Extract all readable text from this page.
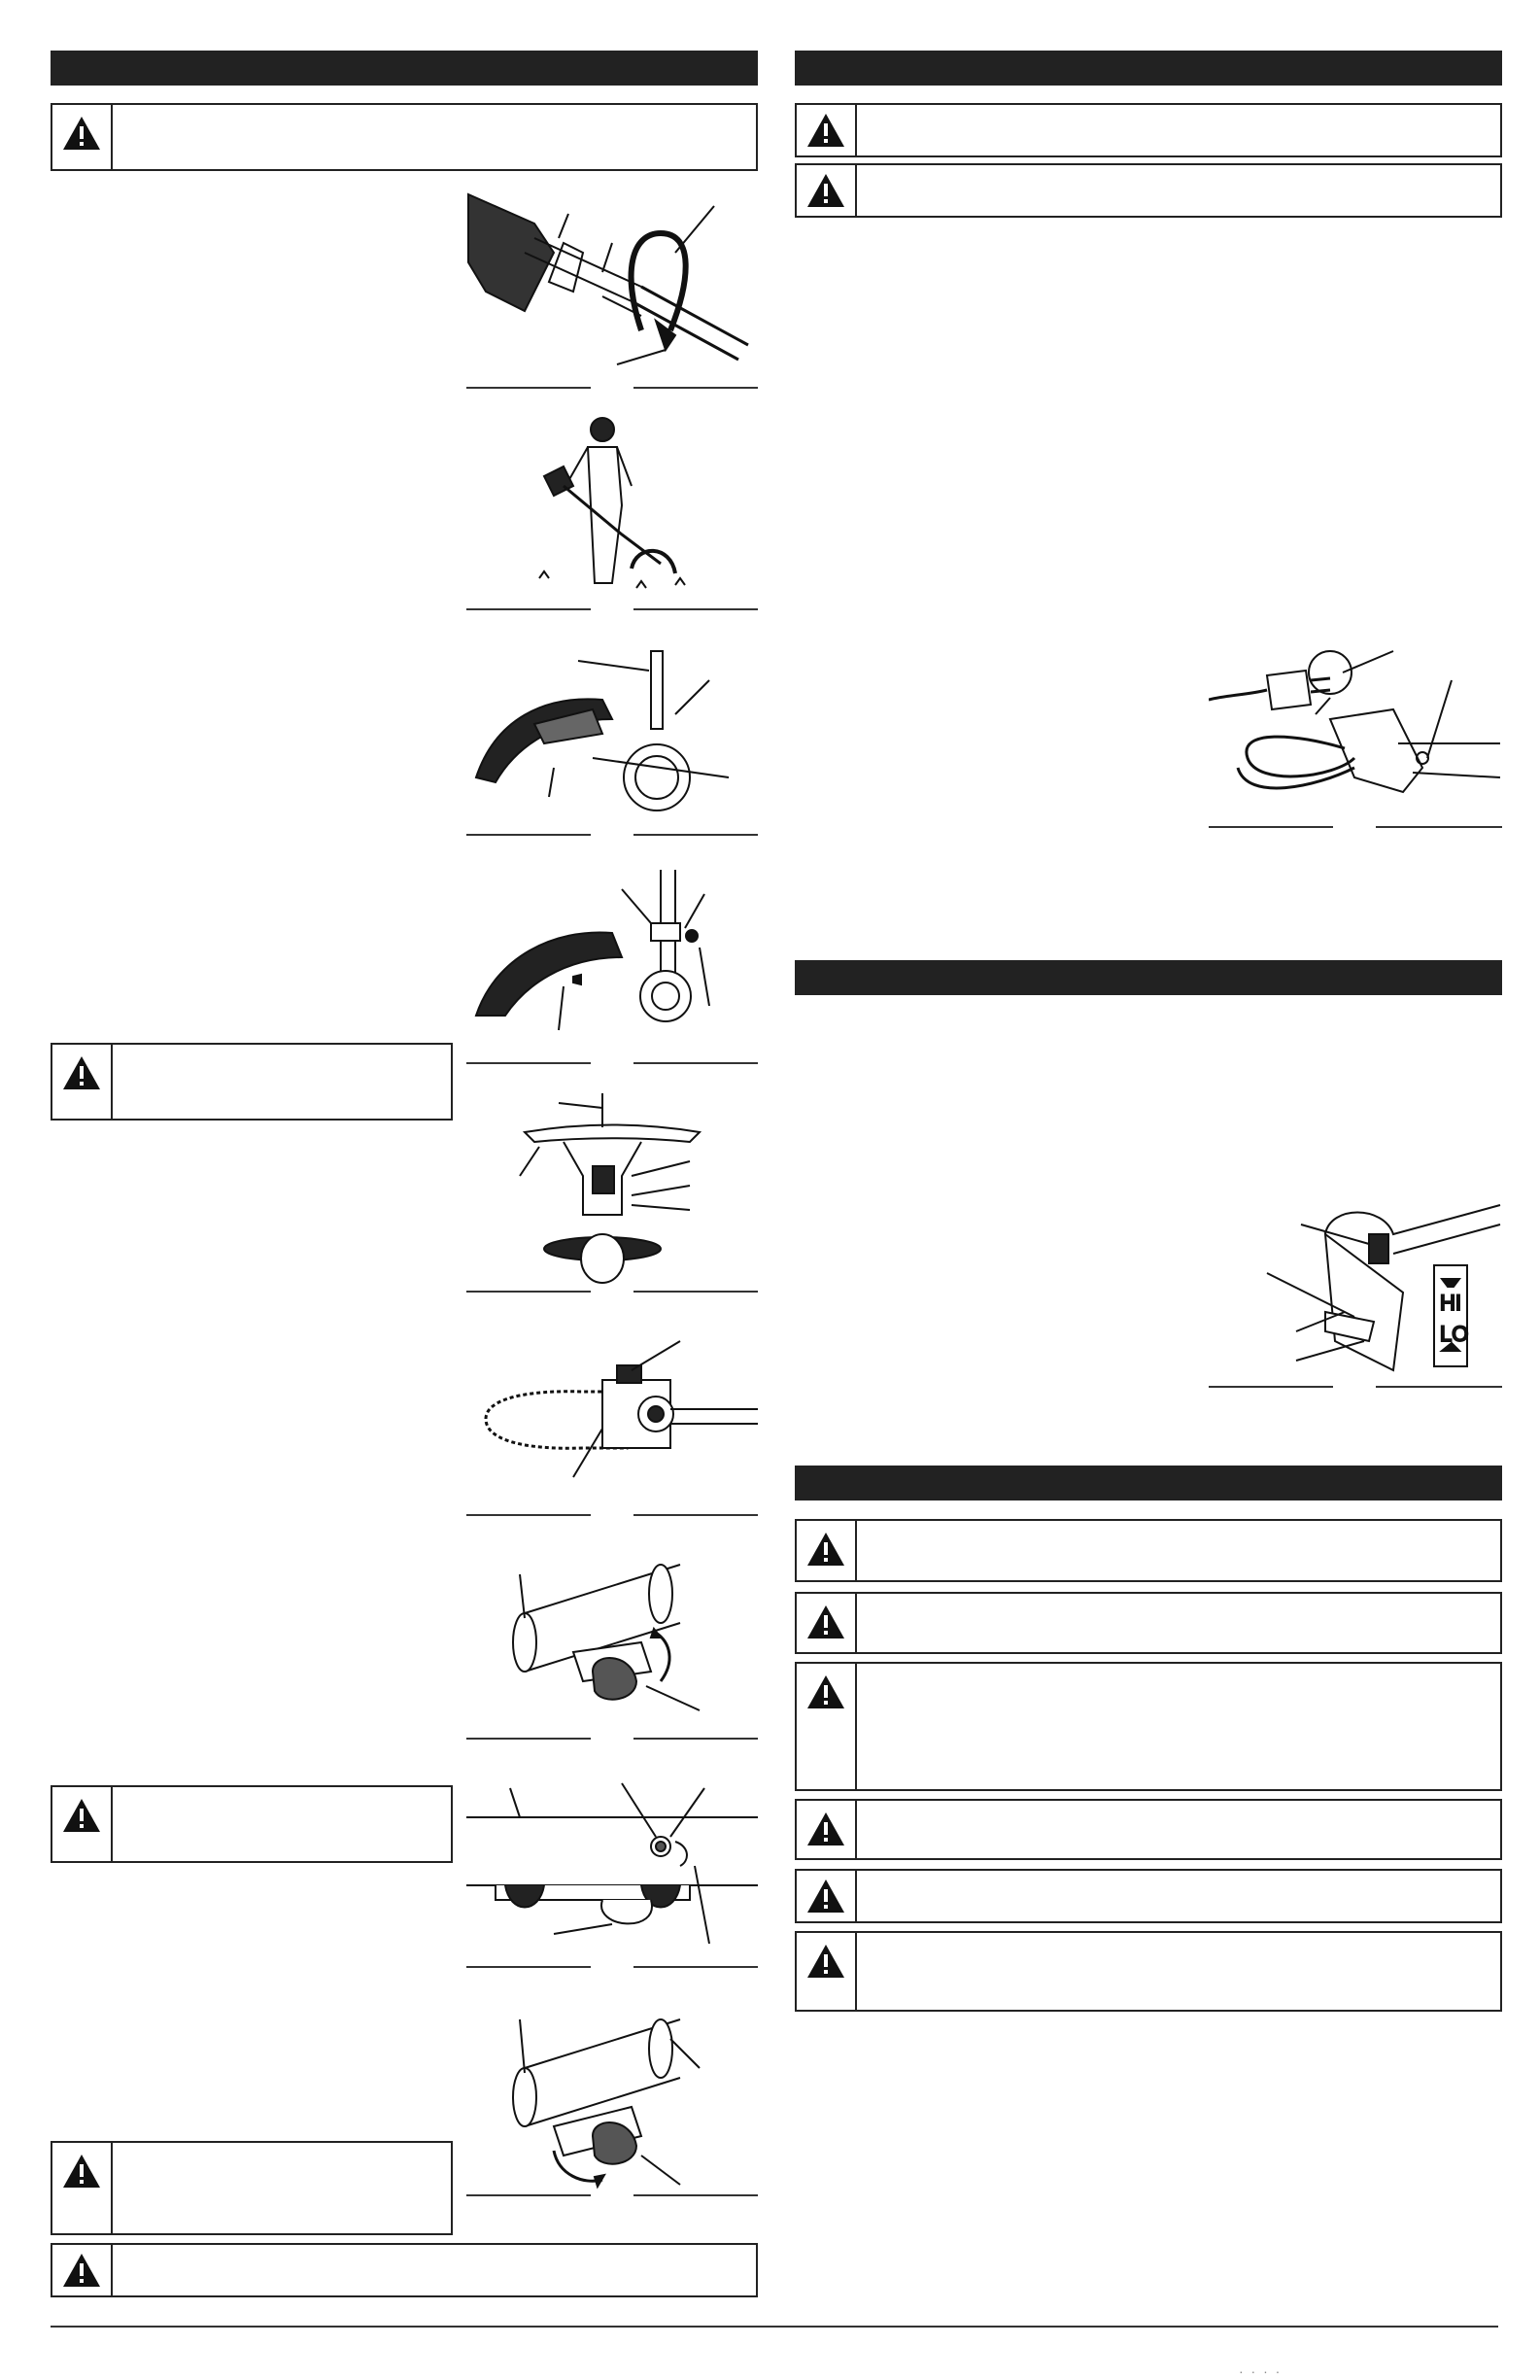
HI
LO
· · · ·
